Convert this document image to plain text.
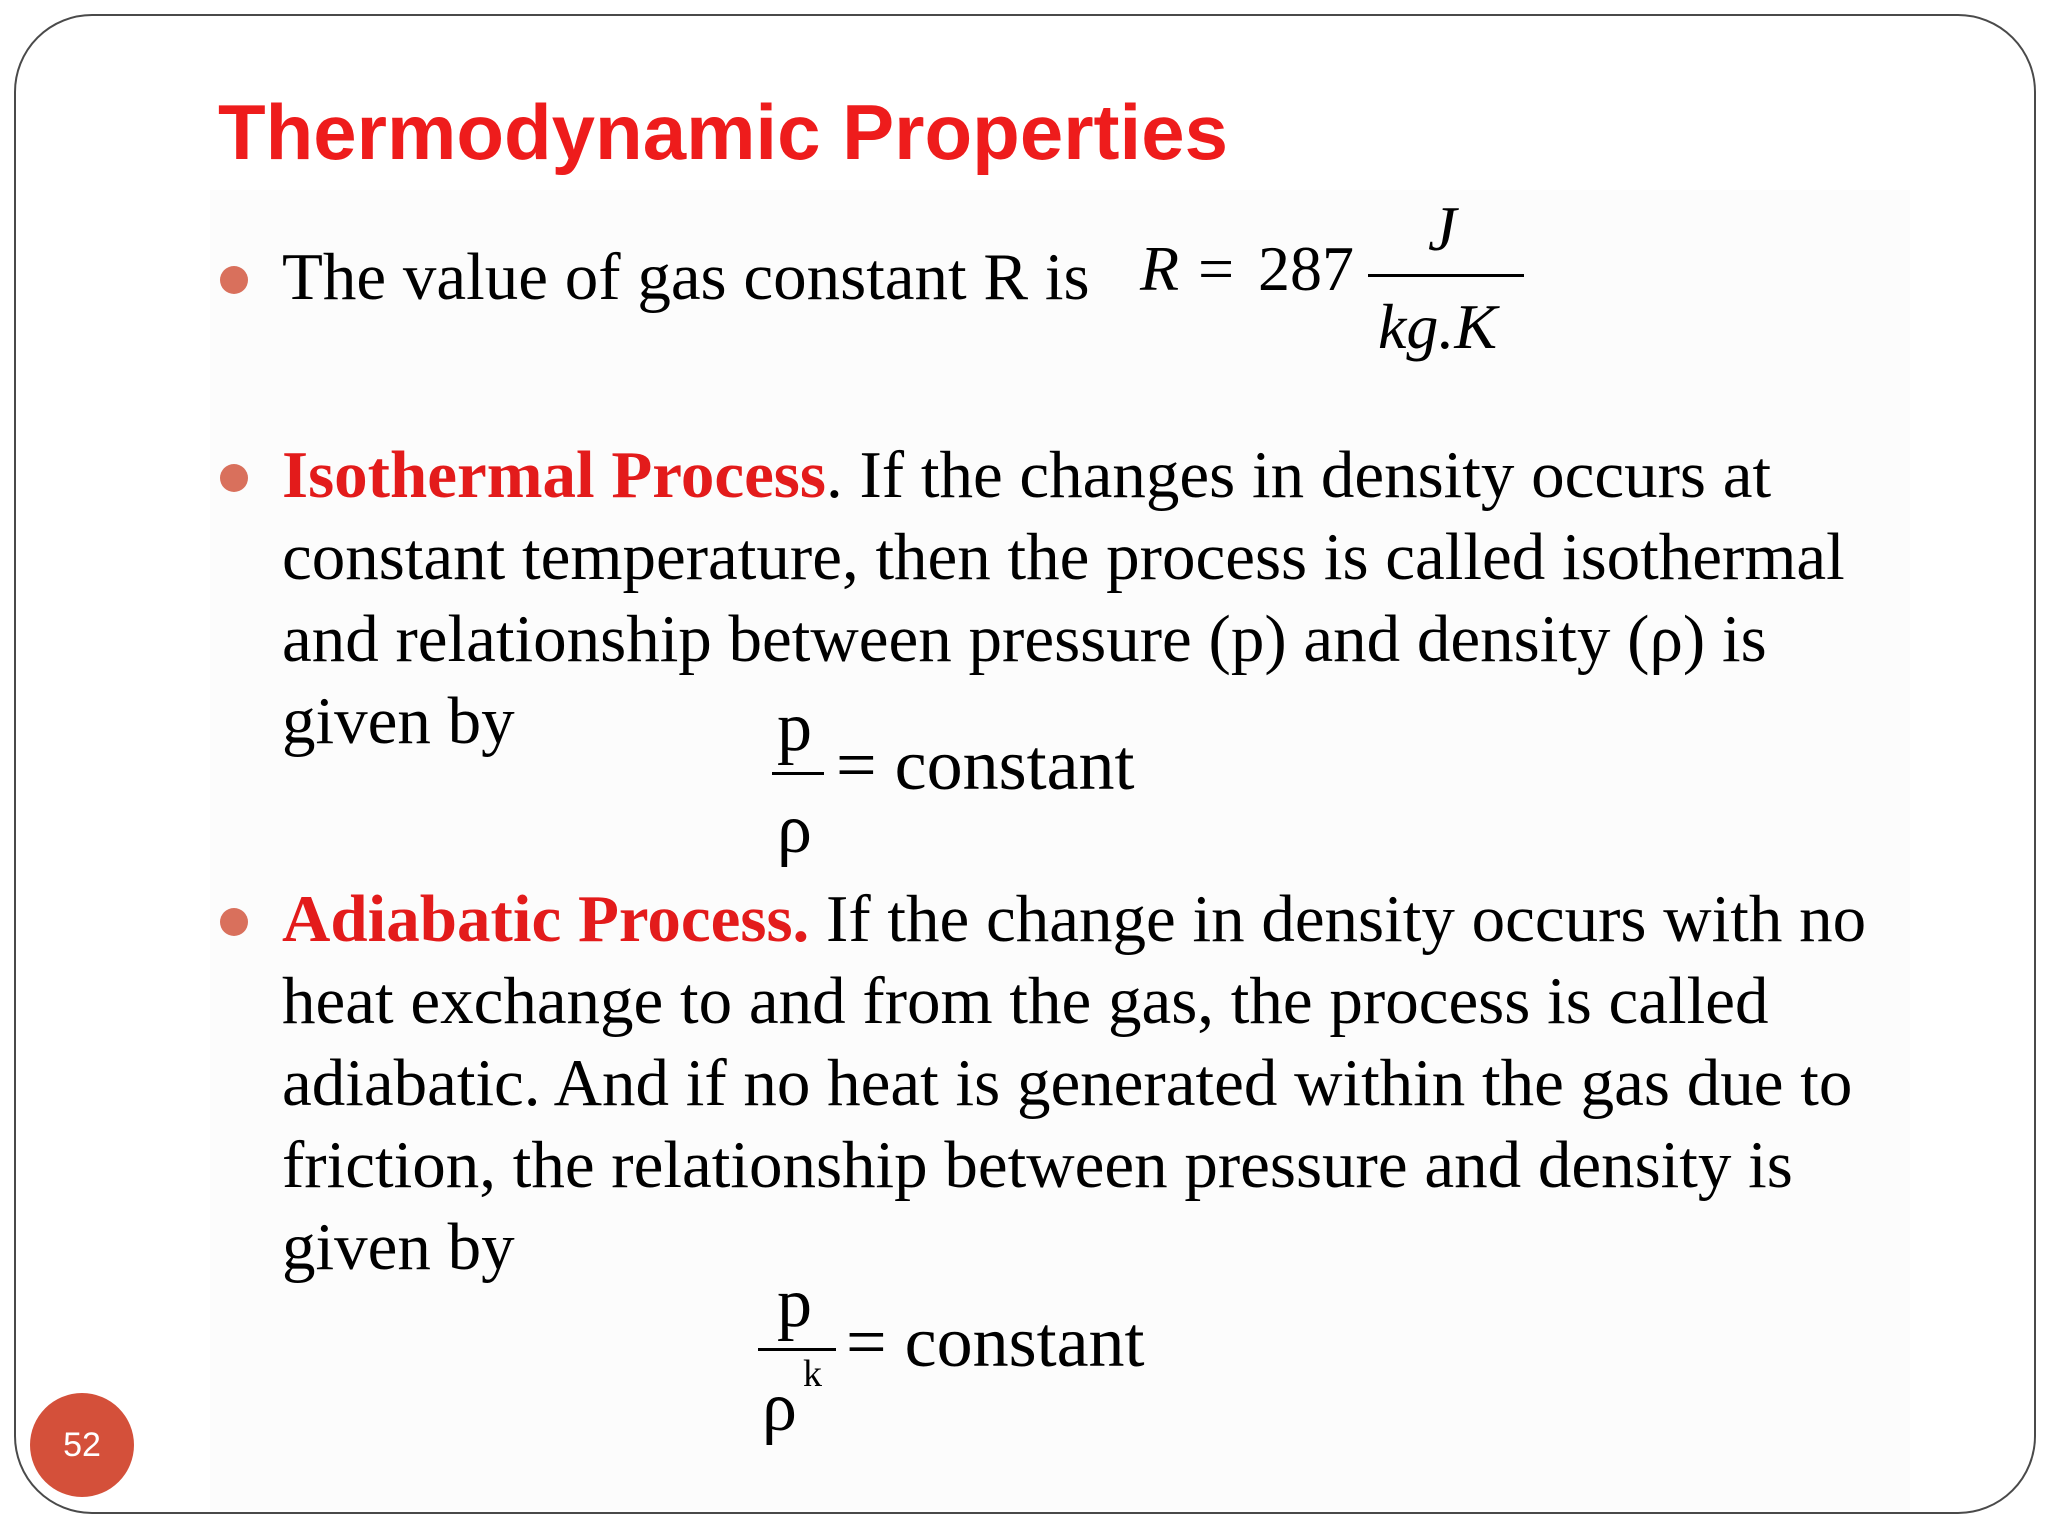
Thermodynamic Properties
The value of gas constant R is R = 287
J
kg.K
Isothermal Process. If the changes in density occurs at
constant temperature, then the process is called isothermal
and relationship between pressure (p) and density (ρ) is
given by	p
ρ
= constant
Adiabatic Process. If the change in density occurs with no
heat exchange to and from the gas, the process is called
adiabatic. And if no heat is generated within the gas due to
friction, the relationship between pressure and density is
given by
p
ρ k = constant
52
